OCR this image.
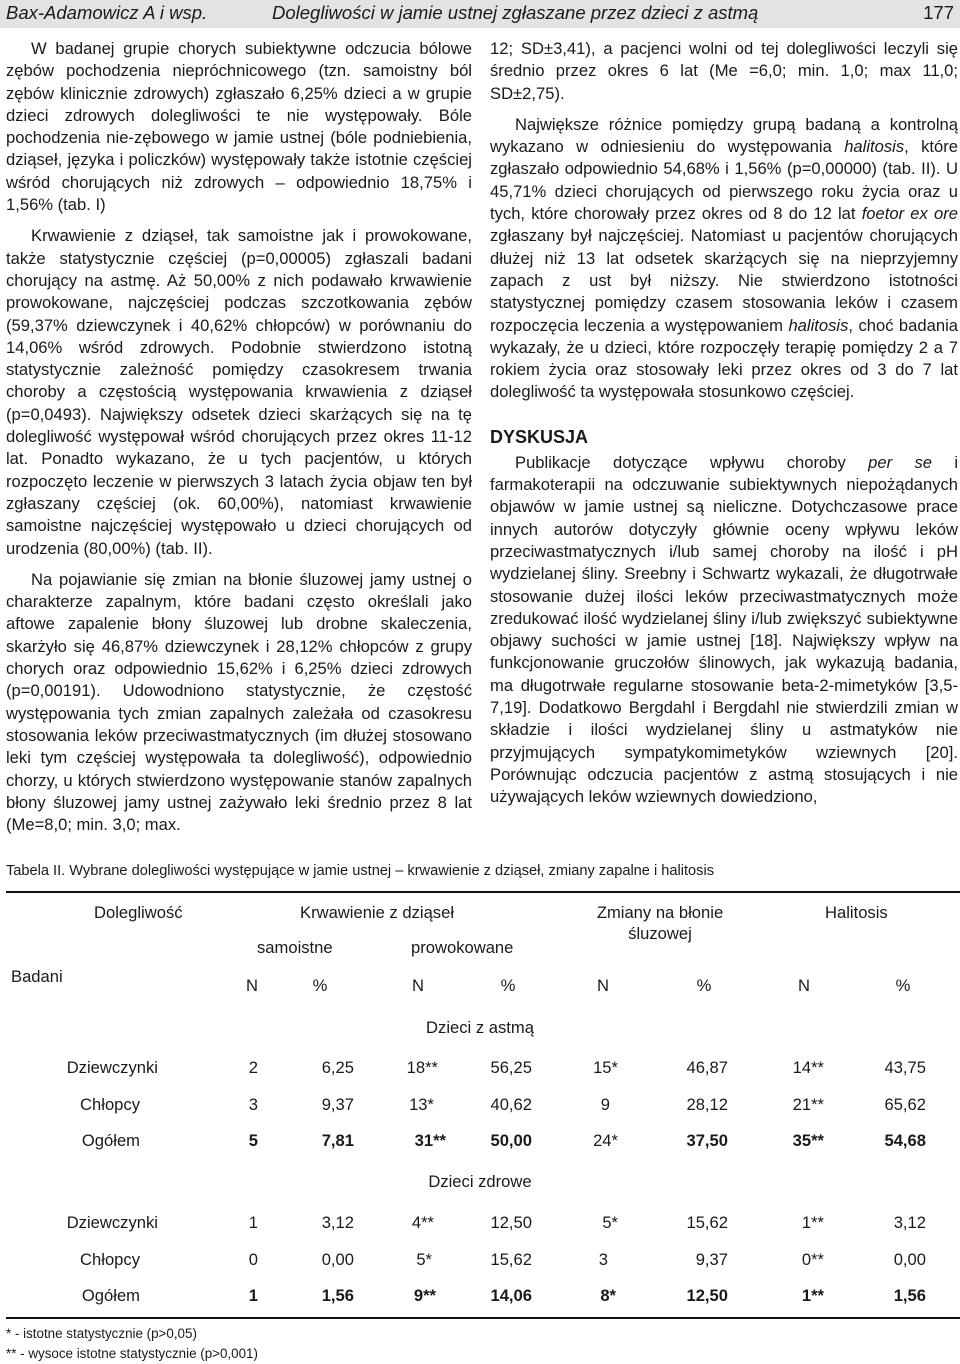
Bax-Adamowicz A i wsp.	Dolegliwości w jamie ustnej zgłaszane przez dzieci z astmą	177

W badanej grupie chorych subiektywne odczucia bólowe zębów pochodzenia niepróchnicowego (tzn. samoistny ból zębów klinicznie zdrowych) zgłaszało 6,25% dzieci a w grupie dzieci zdrowych dolegliwości te nie występowały. Bóle pochodzenia nie-zębowego w jamie ustnej (bóle podniebienia, dziąseł, języka i policzków) występowały także istotnie częściej wśród chorujących niż zdrowych – odpowiednio 18,75% i 1,56% (tab. I)

Krwawienie z dziąseł, tak samoistne jak i prowokowane, także statystycznie częściej (p=0,00005) zgłaszali badani chorujący na astmę. Aż 50,00% z nich podawało krwawienie prowokowane, najczęściej podczas szczotkowania zębów (59,37% dziewczynek i 40,62% chłopców) w porównaniu do 14,06% wśród zdrowych. Podobnie stwierdzono istotną statystycznie zależność pomiędzy czasokresem trwania choroby a częstością występowania krwawienia z dziąseł (p=0,0493). Największy odsetek dzieci skarżących się na tę dolegliwość występował wśród chorujących przez okres 11-12 lat. Ponadto wykazano, że u tych pacjentów, u których rozpoczęto leczenie w pierwszych 3 latach życia objaw ten był zgłaszany częściej (ok. 60,00%), natomiast krwawienie samoistne najczęściej występowało u dzieci chorujących od urodzenia (80,00%) (tab. II).

Na pojawianie się zmian na błonie śluzowej jamy ustnej o charakterze zapalnym, które badani często określali jako aftowe zapalenie błony śluzowej lub drobne skaleczenia, skarżyło się 46,87% dziewczynek i 28,12% chłopców z grupy chorych oraz odpowiednio 15,62% i 6,25% dzieci zdrowych (p=0,00191). Udowodniono statystycznie, że częstość występowania tych zmian zapalnych zależała od czasokresu stosowania leków przeciwastmatycznych (im dłużej stosowano leki tym częściej występowała ta dolegliwość), odpowiednio chorzy, u których stwierdzono występowanie stanów zapalnych błony śluzowej jamy ustnej zażywało leki średnio przez 8 lat (Me=8,0; min. 3,0; max.

12; SD±3,41), a pacjenci wolni od tej dolegliwości leczyli się średnio przez okres 6 lat (Me =6,0; min. 1,0; max 11,0; SD±2,75).

Największe różnice pomiędzy grupą badaną a kontrolną wykazano w odniesieniu do występowania halitosis, które zgłaszało odpowiednio 54,68% i 1,56% (p=0,00000) (tab. II). U 45,71% dzieci chorujących od pierwszego roku życia oraz u tych, które chorowały przez okres od 8 do 12 lat foetor ex ore zgłaszany był najczęściej. Natomiast u pacjentów chorujących dłużej niż 13 lat odsetek skarżących się na nieprzyjemny zapach z ust był niższy. Nie stwierdzono istotności statystycznej pomiędzy czasem stosowania leków i czasem rozpoczęcia leczenia a występowaniem halitosis, choć badania wykazały, że u dzieci, które rozpoczęły terapię pomiędzy 2 a 7 rokiem życia oraz stosowały leki przez okres od 3 do 7 lat dolegliwość ta występowała stosunkowo częściej.

DYSKUSJA

Publikacje dotyczące wpływu choroby per se i farmakoterapii na odczuwanie subiektywnych niepożądanych objawów w jamie ustnej są nieliczne. Dotychczasowe prace innych autorów dotyczyły głównie oceny wpływu leków przeciwastmatycznych i/lub samej choroby na ilość i pH wydzielanej śliny. Sreebny i Schwartz wykazali, że długotrwałe stosowanie dużej ilości leków przeciwastmatycznych może zredukować ilość wydzielanej śliny i/lub zwiększyć subiektywne objawy suchości w jamie ustnej [18]. Największy wpływ na funkcjonowanie gruczołów ślinowych, jak wykazują badania, ma długotrwałe regularne stosowanie beta-2-mimetyków [3,5-7,19]. Dodatkowo Bergdahl i Bergdahl nie stwierdzili zmian w składzie i ilości wydzielanej śliny u astmatyków nie przyjmujących sympatykomimetyków wziewnych [20]. Porównując odczucia pacjentów z astmą stosujących i nie używających leków wziewnych dowiedziono,

Tabela II. Wybrane dolegliwości występujące w jamie ustnej – krwawienie z dziąseł, zmiany zapalne i halitosis
Dolegliwość
Badani
Krwawienie z dziąseł
samoistne	prowokowane
Zmiany na błonie
śluzowej
Halitosis
N	%	N	%	N	%	N	%
Dzieci z astmą
Dziewczynki	2	6,25	18**	56,25	15*	46,87	14**	43,75
Chłopcy	3	9,37	13*	40,62	9	28,12	21**	65,62
Ogółem	5	7,81	31**	50,00	24*	37,50	35**	54,68
Dzieci zdrowe
Dziewczynki	1	3,12	4**	12,50	5*	15,62	1**	3,12
Chłopcy	0	0,00	5*	15,62	3	9,37	0**	0,00
Ogółem	1	1,56	9**	14,06	8*	12,50	1**	1,56
* - istotne statystycznie (p>0,05)
** - wysoce istotne statystycznie (p>0,001)
